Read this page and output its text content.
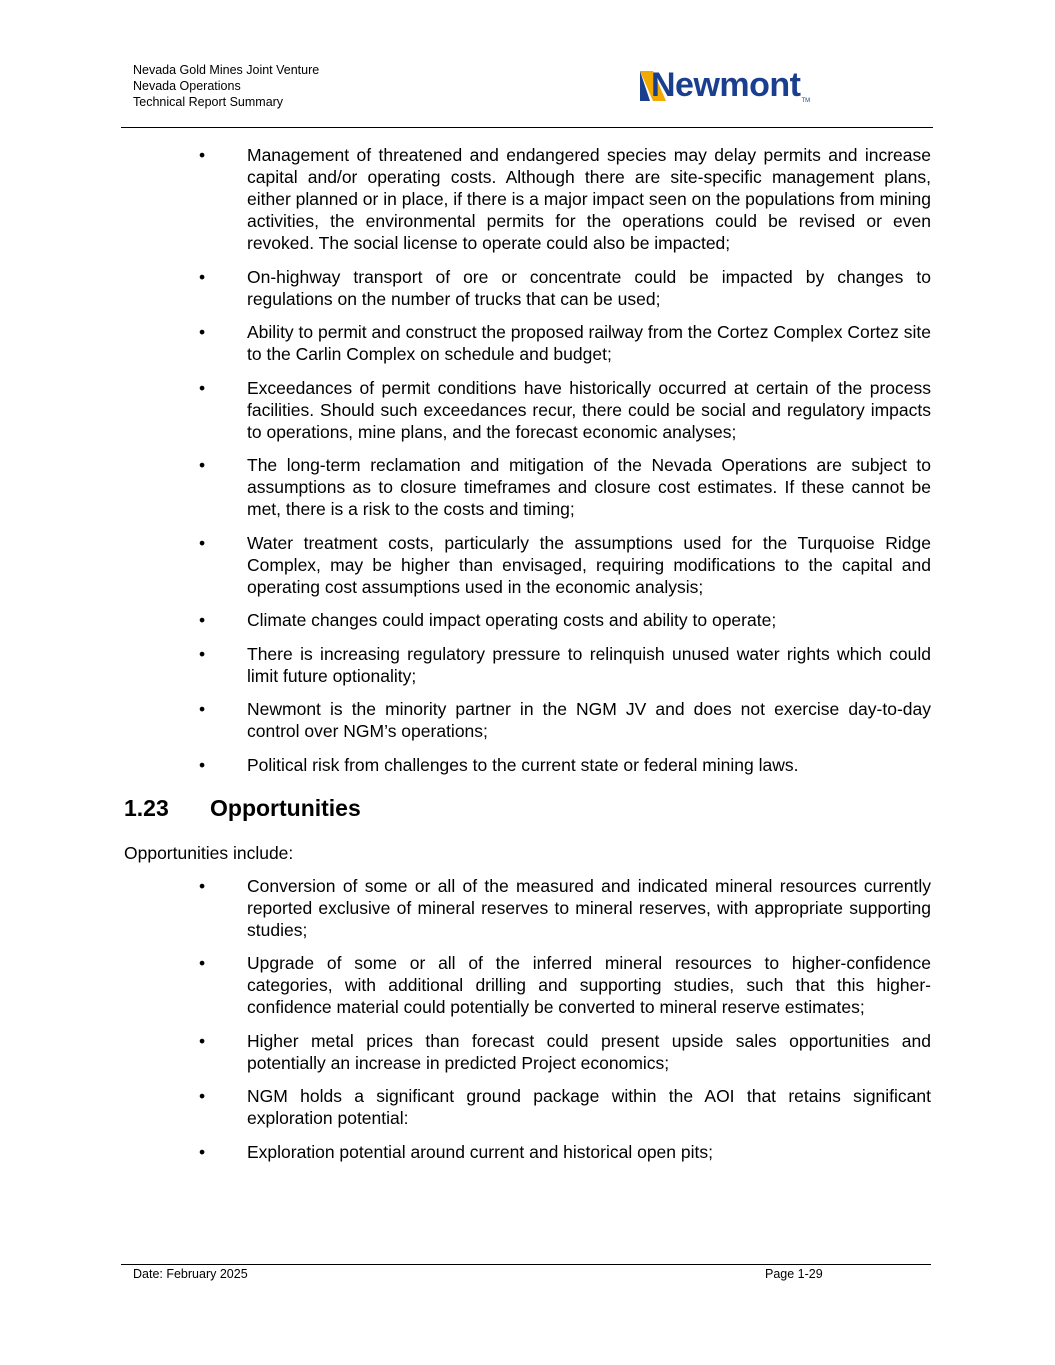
Nevada Gold Mines Joint Venture
Nevada Operations
Technical Report Summary	NewmontTM
• Management of threatened and endangered species may delay permits and increase capital and/or operating costs. Although there are site-specific management plans, either planned or in place, if there is a major impact seen on the populations from mining activities, the environmental permits for the operations could be revised or even revoked. The social license to operate could also be impacted;
• On-highway transport of ore or concentrate could be impacted by changes to regulations on the number of trucks that can be used;
• Ability to permit and construct the proposed railway from the Cortez Complex Cortez site to the Carlin Complex on schedule and budget;
• Exceedances of permit conditions have historically occurred at certain of the process facilities. Should such exceedances recur, there could be social and regulatory impacts to operations, mine plans, and the forecast economic analyses;
• The long-term reclamation and mitigation of the Nevada Operations are subject to assumptions as to closure timeframes and closure cost estimates. If these cannot be met, there is a risk to the costs and timing;
• Water treatment costs, particularly the assumptions used for the Turquoise Ridge Complex, may be higher than envisaged, requiring modifications to the capital and operating cost assumptions used in the economic analysis;
• Climate changes could impact operating costs and ability to operate;
• There is increasing regulatory pressure to relinquish unused water rights which could limit future optionality;
• Newmont is the minority partner in the NGM JV and does not exercise day-to-day control over NGM’s operations;
• Political risk from challenges to the current state or federal mining laws.
1.23 Opportunities
Opportunities include:
• Conversion of some or all of the measured and indicated mineral resources currently reported exclusive of mineral reserves to mineral reserves, with appropriate supporting studies;
• Upgrade of some or all of the inferred mineral resources to higher-confidence categories, with additional drilling and supporting studies, such that this higher-confidence material could potentially be converted to mineral reserve estimates;
• Higher metal prices than forecast could present upside sales opportunities and potentially an increase in predicted Project economics;
• NGM holds a significant ground package within the AOI that retains significant exploration potential:
• Exploration potential around current and historical open pits;
Date: February 2025	Page 1-29
